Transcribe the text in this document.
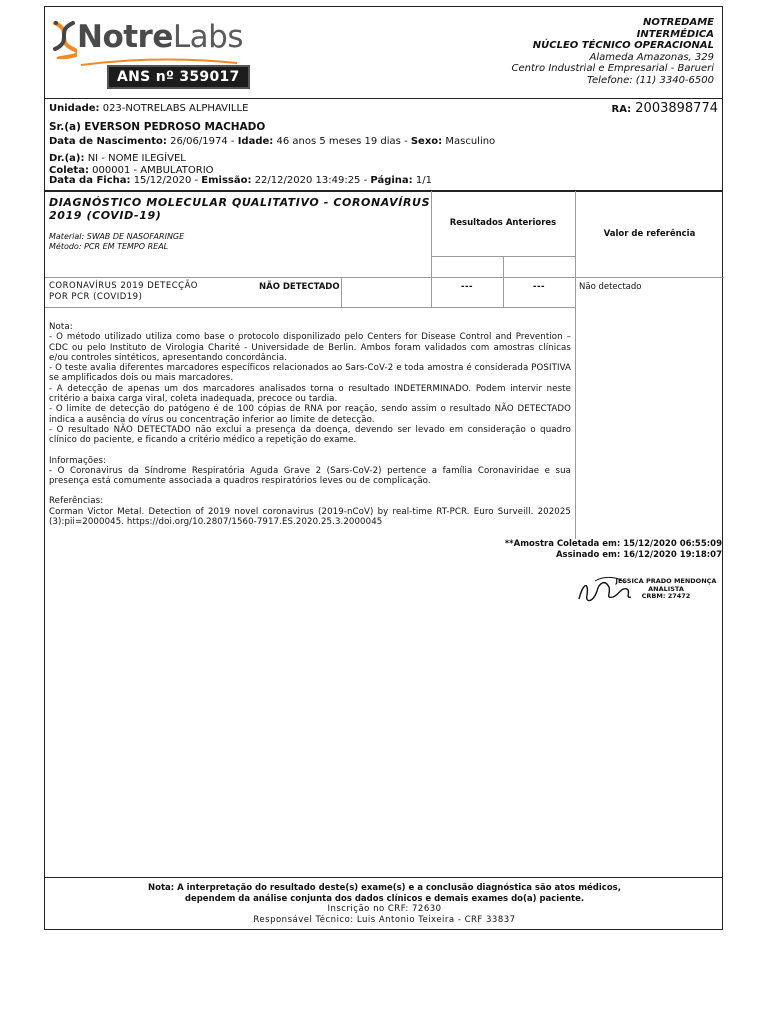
NotreLabs
ANS nº 359017
NOTREDAME
INTERMÉDICA
NÚCLEO TÉCNICO OPERACIONAL
Alameda Amazonas, 329
Centro Industrial e Empresarial - Barueri
Telefone: (11) 3340-6500
Unidade: 023-NOTRELABS ALPHAVILLE	RA: 2003898774
Sr.(a) EVERSON PEDROSO MACHADO
Data de Nascimento: 26/06/1974 - Idade: 46 anos 5 meses 19 dias - Sexo: Masculino
Dr.(a): NI - NOME ILEGÍVEL
Coleta: 000001 - AMBULATORIO
Data da Ficha: 15/12/2020 - Emissão: 22/12/2020 13:49:25 - Página: 1/1
DIAGNÓSTICO MOLECULAR QUALITATIVO - CORONAVÍRUS
2019 (COVID-19)
Material: SWAB DE NASOFARINGE
Método: PCR EM TEMPO REAL
Resultados Anteriores
Valor de referência
CORONAVÍRUS 2019 DETECÇÃO
POR PCR (COVID19)
NÃO DETECTADO	---	---	Não detectado

Nota:

- O método utilizado utiliza como base o protocolo disponilizado pelo Centers for Disease Control and Prevention – CDC ou pelo Instituto de Virologia Charité - Universidade de Berlin. Ambos foram validados com amostras clínicas e/ou controles sintéticos, apresentando concordância.

- O teste avalia diferentes marcadores específicos relacionados ao Sars-CoV-2 e toda amostra é considerada POSITIVA se amplificados dois ou mais marcadores.

- A detecção de apenas um dos marcadores analisados torna o resultado INDETERMINADO. Podem intervir neste critério a baixa carga viral, coleta inadequada, precoce ou tardia.

- O limite de detecção do patógeno é de 100 cópias de RNA por reação, sendo assim o resultado NÃO DETECTADO indica a ausência do vírus ou concentração inferior ao limite de detecção.

- O resultado NÃO DETECTADO não exclui a presença da doença, devendo ser levado em consideração o quadro clínico do paciente, e ficando a critério médico a repetição do exame.

Informações:

- O Coronavirus da Síndrome Respiratória Aguda Grave 2 (Sars-CoV-2) pertence a família Coronaviridae e sua presença está comumente associada a quadros respiratórios leves ou de complicação.

Referências:

Corman Victor Metal. Detection of 2019 novel coronavirus (2019-nCoV) by real-time RT-PCR. Euro Surveill. 202025 (3):pii=2000045. https://doi.org/10.2807/1560-7917.ES.2020.25.3.2000045

**Amostra Coletada em: 15/12/2020 06:55:09
Assinado em: 16/12/2020 19:18:07
JESSICA PRADO MENDONÇA
ANALISTA
CRBM: 27472
Nota: A interpretação do resultado deste(s) exame(s) e a conclusão diagnóstica são atos médicos,
dependem da análise conjunta dos dados clínicos e demais exames do(a) paciente.
Inscrição no CRF: 72630
Responsável Técnico: Luis Antonio Teixeira - CRF 33837
